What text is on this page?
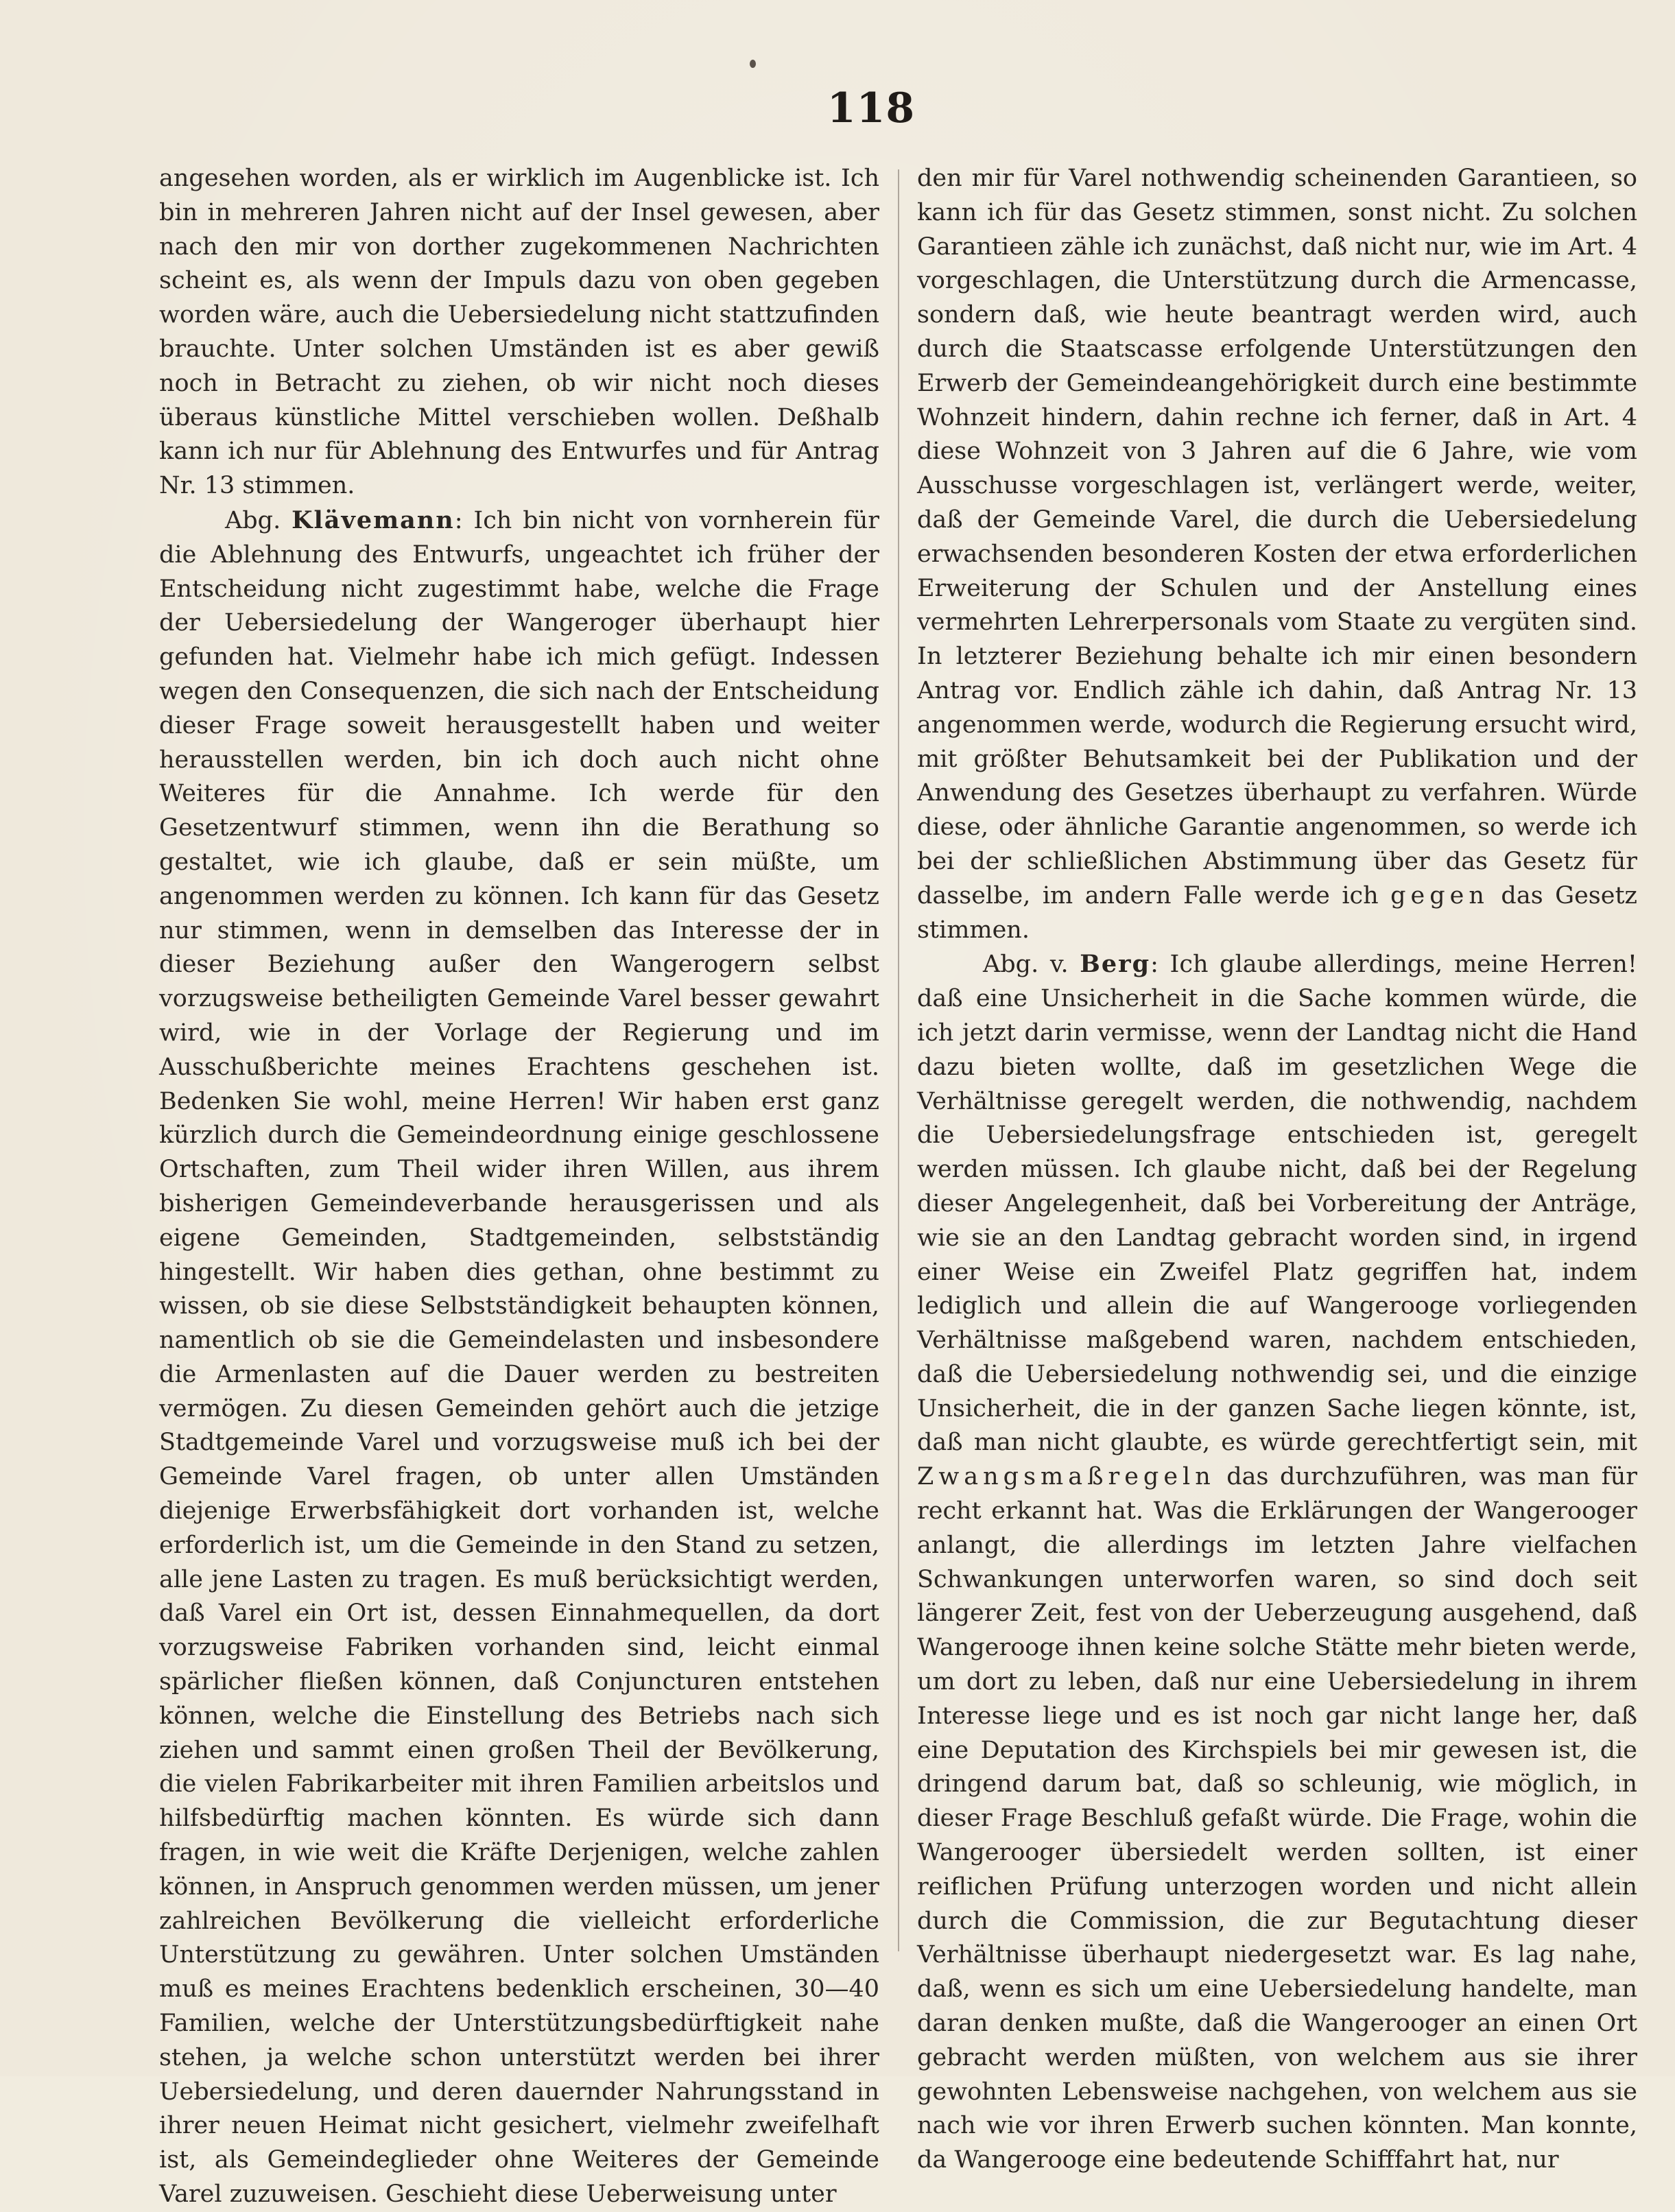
118

angesehen worden, als er wirklich im Augenblicke ist. Ich bin in mehreren Jahren nicht auf der Insel gewesen, aber nach den mir von dorther zugekommenen Nachrichten scheint es, als wenn der Impuls dazu von oben gegeben worden wäre, auch die Uebersiedelung nicht stattzufinden brauchte. Unter solchen Umständen ist es aber gewiß noch in Betracht zu ziehen, ob wir nicht noch dieses überaus künstliche Mittel verschieben wollen. Deßhalb kann ich nur für Ablehnung des Entwurfes und für Antrag Nr. 13 stimmen.

Abg. Klävemann: Ich bin nicht von vornherein für die Ablehnung des Entwurfs, ungeachtet ich früher der Entscheidung nicht zugestimmt habe, welche die Frage der Uebersiedelung der Wangeroger überhaupt hier gefunden hat. Vielmehr habe ich mich gefügt. Indessen wegen den Consequenzen, die sich nach der Entscheidung dieser Frage soweit herausgestellt haben und weiter herausstellen werden, bin ich doch auch nicht ohne Weiteres für die Annahme. Ich werde für den Gesetzentwurf stimmen, wenn ihn die Berathung so gestaltet, wie ich glaube, daß er sein müßte, um angenommen werden zu können. Ich kann für das Gesetz nur stimmen, wenn in demselben das Interesse der in dieser Beziehung außer den Wangerogern selbst vorzugsweise betheiligten Gemeinde Varel besser gewahrt wird, wie in der Vorlage der Regierung und im Ausschußberichte meines Erachtens geschehen ist. Bedenken Sie wohl, meine Herren! Wir haben erst ganz kürzlich durch die Gemeindeordnung einige geschlossene Ortschaften, zum Theil wider ihren Willen, aus ihrem bisherigen Gemeindeverbande herausgerissen und als eigene Gemeinden, Stadtgemeinden, selbstständig hingestellt. Wir haben dies gethan, ohne bestimmt zu wissen, ob sie diese Selbstständigkeit behaupten können, namentlich ob sie die Gemeindelasten und insbesondere die Armenlasten auf die Dauer werden zu bestreiten vermögen. Zu diesen Gemeinden gehört auch die jetzige Stadtgemeinde Varel und vorzugsweise muß ich bei der Gemeinde Varel fragen, ob unter allen Umständen diejenige Erwerbsfähigkeit dort vorhanden ist, welche erforderlich ist, um die Gemeinde in den Stand zu setzen, alle jene Lasten zu tragen. Es muß berücksichtigt werden, daß Varel ein Ort ist, dessen Einnahmequellen, da dort vorzugsweise Fabriken vorhanden sind, leicht einmal spärlicher fließen können, daß Conjuncturen entstehen können, welche die Einstellung des Betriebs nach sich ziehen und sammt einen großen Theil der Bevölkerung, die vielen Fabrikarbeiter mit ihren Familien arbeitslos und hilfsbedürftig machen könnten. Es würde sich dann fragen, in wie weit die Kräfte Derjenigen, welche zahlen können, in Anspruch genommen werden müssen, um jener zahlreichen Bevölkerung die vielleicht erforderliche Unterstützung zu gewähren. Unter solchen Umständen muß es meines Erachtens bedenklich erscheinen, 30—40 Familien, welche der Unterstützungsbedürftigkeit nahe stehen, ja welche schon unterstützt werden bei ihrer Uebersiedelung, und deren dauernder Nahrungsstand in ihrer neuen Heimat nicht gesichert, vielmehr zweifelhaft ist, als Gemeindeglieder ohne Weiteres der Gemeinde Varel zuzuweisen. Geschieht diese Ueberweisung unter

den mir für Varel nothwendig scheinenden Garantieen, so kann ich für das Gesetz stimmen, sonst nicht. Zu solchen Garantieen zähle ich zunächst, daß nicht nur, wie im Art. 4 vorgeschlagen, die Unterstützung durch die Armencasse, sondern daß, wie heute beantragt werden wird, auch durch die Staatscasse erfolgende Unterstützungen den Erwerb der Gemeindeangehörigkeit durch eine bestimmte Wohnzeit hindern, dahin rechne ich ferner, daß in Art. 4 diese Wohnzeit von 3 Jahren auf die 6 Jahre, wie vom Ausschusse vorgeschlagen ist, verlängert werde, weiter, daß der Gemeinde Varel, die durch die Uebersiedelung erwachsenden besonderen Kosten der etwa erforderlichen Erweiterung der Schulen und der Anstellung eines vermehrten Lehrerpersonals vom Staate zu vergüten sind. In letzterer Beziehung behalte ich mir einen besondern Antrag vor. Endlich zähle ich dahin, daß Antrag Nr. 13 angenommen werde, wodurch die Regierung ersucht wird, mit größter Behutsamkeit bei der Publikation und der Anwendung des Gesetzes überhaupt zu verfahren. Würde diese, oder ähnliche Garantie angenommen, so werde ich bei der schließlichen Abstimmung über das Gesetz für dasselbe, im andern Falle werde ich gegen das Gesetz stimmen.

Abg. v. Berg: Ich glaube allerdings, meine Herren! daß eine Unsicherheit in die Sache kommen würde, die ich jetzt darin vermisse, wenn der Landtag nicht die Hand dazu bieten wollte, daß im gesetzlichen Wege die Verhältnisse geregelt werden, die nothwendig, nachdem die Uebersiedelungsfrage entschieden ist, geregelt werden müssen. Ich glaube nicht, daß bei der Regelung dieser Angelegenheit, daß bei Vorbereitung der Anträge, wie sie an den Landtag gebracht worden sind, in irgend einer Weise ein Zweifel Platz gegriffen hat, indem lediglich und allein die auf Wangerooge vorliegenden Verhältnisse maßgebend waren, nachdem entschieden, daß die Uebersiedelung nothwendig sei, und die einzige Unsicherheit, die in der ganzen Sache liegen könnte, ist, daß man nicht glaubte, es würde gerechtfertigt sein, mit Zwangsmaßregeln das durchzuführen, was man für recht erkannt hat. Was die Erklärungen der Wangerooger anlangt, die allerdings im letzten Jahre vielfachen Schwankungen unterworfen waren, so sind doch seit längerer Zeit, fest von der Ueberzeugung ausgehend, daß Wangerooge ihnen keine solche Stätte mehr bieten werde, um dort zu leben, daß nur eine Uebersiedelung in ihrem Interesse liege und es ist noch gar nicht lange her, daß eine Deputation des Kirchspiels bei mir gewesen ist, die dringend darum bat, daß so schleunig, wie möglich, in dieser Frage Beschluß gefaßt würde. Die Frage, wohin die Wangerooger übersiedelt werden sollten, ist einer reiflichen Prüfung unterzogen worden und nicht allein durch die Commission, die zur Begutachtung dieser Verhältnisse überhaupt niedergesetzt war. Es lag nahe, daß, wenn es sich um eine Uebersiedelung handelte, man daran denken mußte, daß die Wangerooger an einen Ort gebracht werden müßten, von welchem aus sie ihrer gewohnten Lebensweise nachgehen, von welchem aus sie nach wie vor ihren Erwerb suchen könnten. Man konnte, da Wangerooge eine bedeutende Schifffahrt hat, nur
